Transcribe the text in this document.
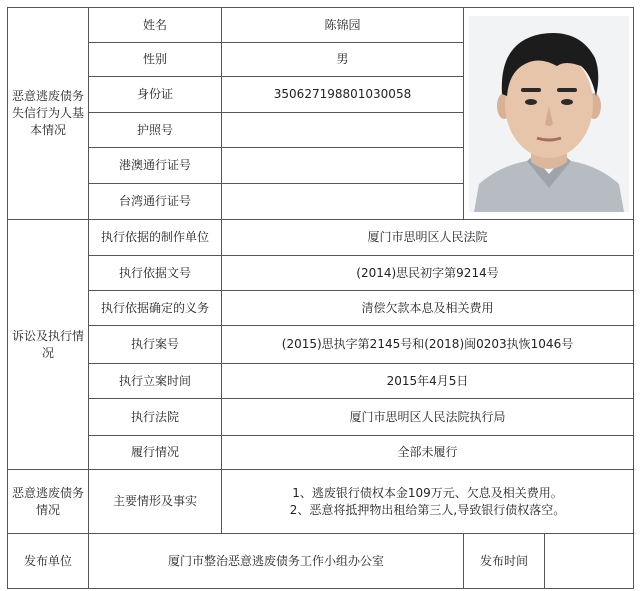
恶意逃废债务失信行为人基本情况	姓名	陈锦园	

	性别	男	
	身份证	350627198801030058	
	护照号		
	港澳通行证号		
	台湾通行证号		
诉讼及执行情况	执行依据的制作单位	厦门市思明区人民法院	
	执行依据文号	(2014)思民初字第9214号	
	执行依据确定的义务	清偿欠款本息及相关费用	
	执行案号	(2015)思执字第2145号和(2018)闽0203执恢1046号	
	执行立案时间	2015年4月5日	
	执行法院	厦门市思明区人民法院执行局	
	履行情况	全部未履行	
恶意逃废债务情况	主要情形及事实	1、逃废银行债权本金109万元、欠息及相关费用。
2、恶意将抵押物出租给第三人,导致银行债权落空。	

发布单位	厦门市整治恶意逃废债务工作小组办公室		发布时间
